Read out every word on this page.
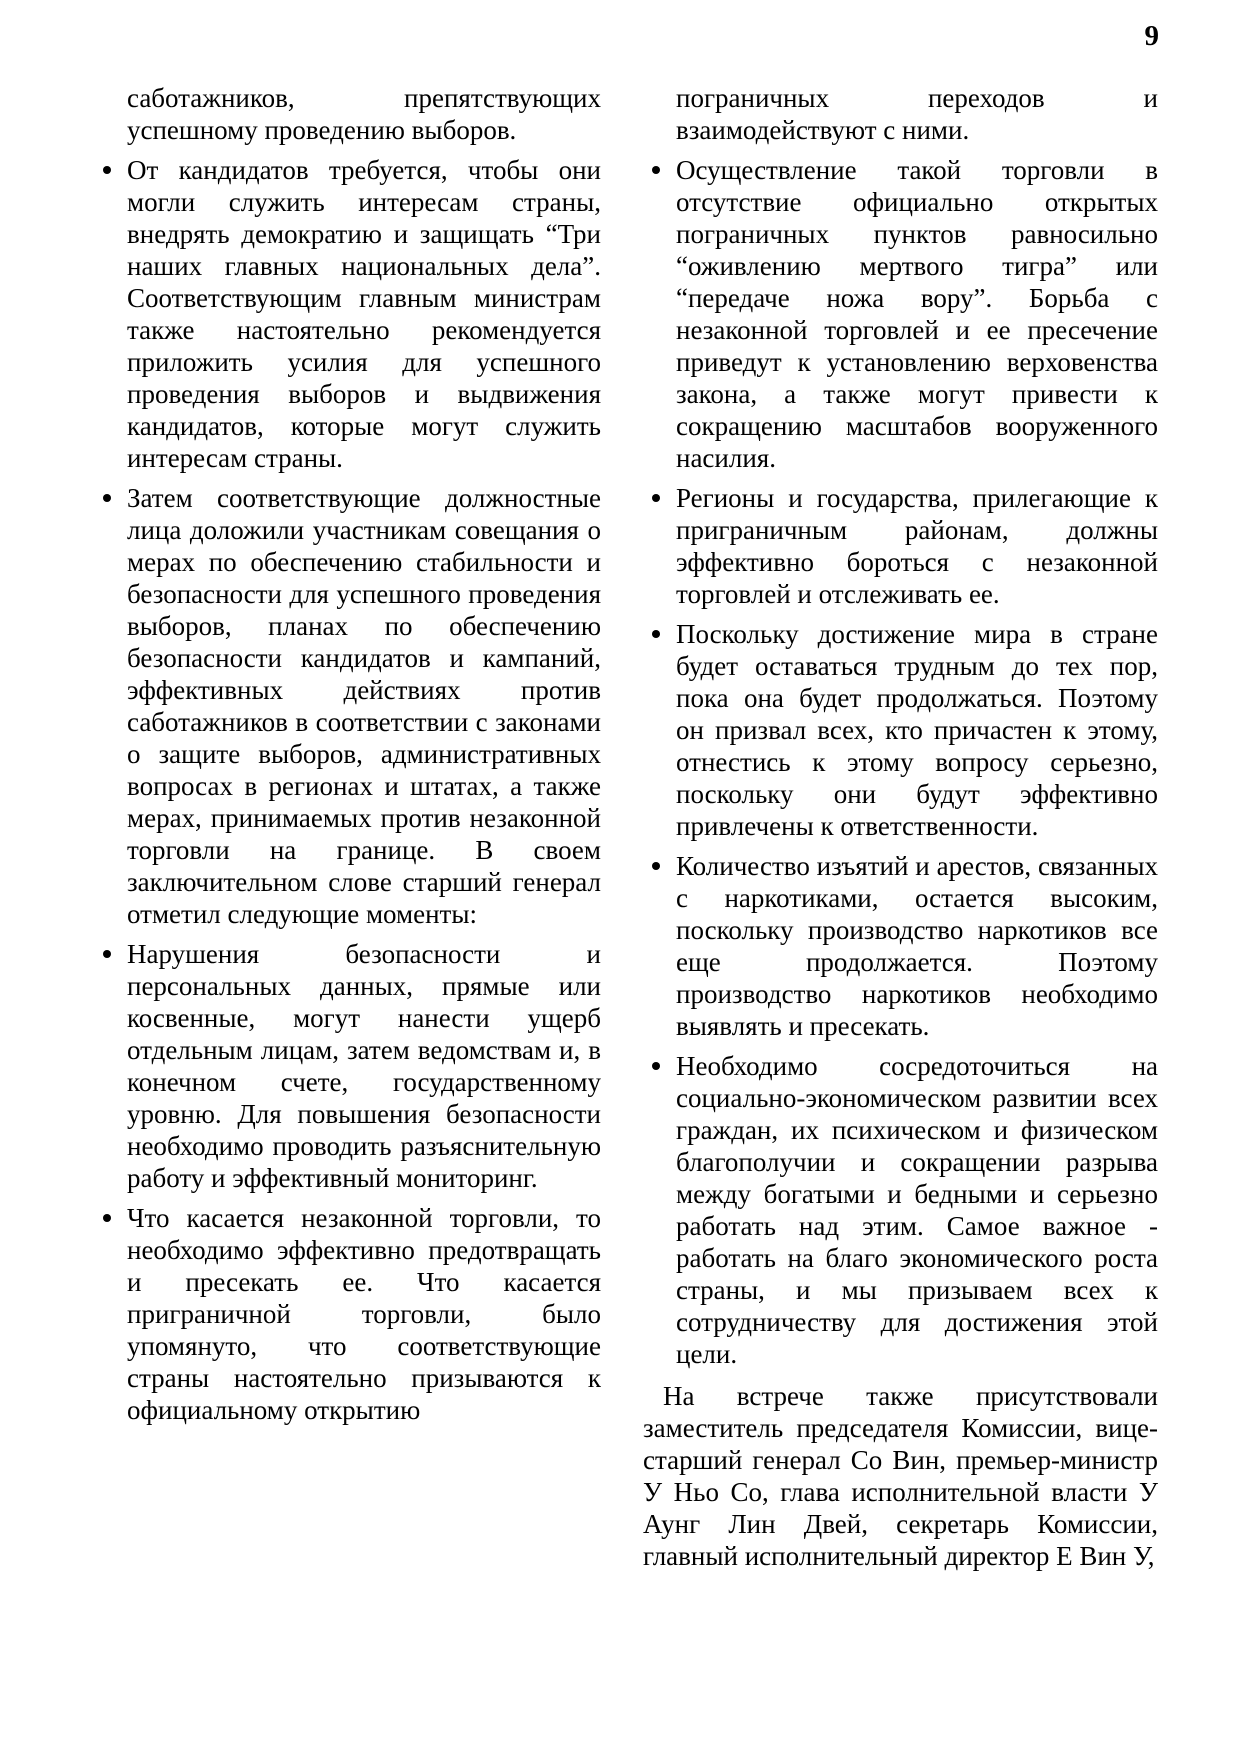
9

саботажников, препятствующих успешному проведению выборов.

От кандидатов требуется, чтобы они могли служить интересам страны, внедрять демократию и защищать “Три наших главных национальных дела”. Соответствующим главным министрам также настоятельно рекомендуется приложить усилия для успешного проведения выборов и выдвижения кандидатов, которые могут служить интересам страны.

Затем соответствующие должностные лица доложили участникам совещания о мерах по обеспечению стабильности и безопасности для успешного проведения выборов, планах по обеспечению безопасности кандидатов и кампаний, эффективных действиях против саботажников в соответствии с законами о защите выборов, административных вопросах в регионах и штатах, а также мерах, принимаемых против незаконной торговли на границе. В своем заключительном слове старший генерал отметил следующие моменты:

Нарушения безопасности и персональных данных, прямые или косвенные, могут нанести ущерб отдельным лицам, затем ведомствам и, в конечном счете, государственному уровню. Для повышения безопасности необходимо проводить разъяснительную работу и эффективный мониторинг.

Что касается незаконной торговли, то необходимо эффективно предотвращать и пресекать ее. Что касается приграничной торговли, было упомянуто, что соответствующие страны настоятельно призываются к официальному открытию

пограничных переходов и взаимодействуют с ними.

Осуществление такой торговли в отсутствие официально открытых пограничных пунктов равносильно “оживлению мертвого тигра” или “передаче ножа вору”. Борьба с незаконной торговлей и ее пресечение приведут к установлению верховенства закона, а также могут привести к сокращению масштабов вооруженного насилия.

Регионы и государства, прилегающие к приграничным районам, должны эффективно бороться с незаконной торговлей и отслеживать ее.

Поскольку достижение мира в стране будет оставаться трудным до тех пор, пока она будет продолжаться. Поэтому он призвал всех, кто причастен к этому, отнестись к этому вопросу серьезно, поскольку они будут эффективно привлечены к ответственности.

Количество изъятий и арестов, связанных с наркотиками, остается высоким, поскольку производство наркотиков все еще продолжается. Поэтому производство наркотиков необходимо выявлять и пресекать.

Необходимо сосредоточиться на социально-экономическом развитии всех граждан, их психическом и физическом благополучии и сокращении разрыва между богатыми и бедными и серьезно работать над этим. Самое важное - работать на благо экономического роста страны, и мы призываем всех к сотрудничеству для достижения этой цели.

На встрече также присутствовали заместитель председателя Комиссии, вице-старший генерал Со Вин, премьер-министр У Ньо Со, глава исполнительной власти У Аунг Лин Двей, секретарь Комиссии, главный исполнительный директор Е Вин У,
